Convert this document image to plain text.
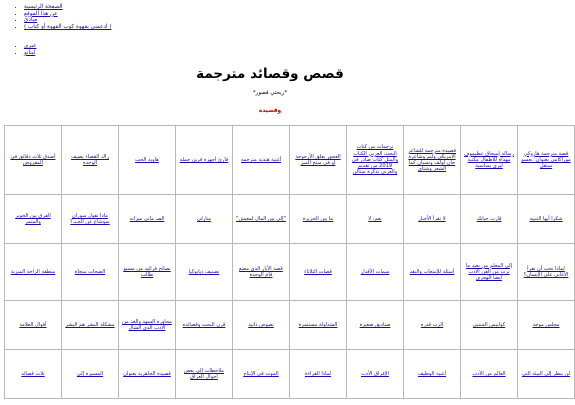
• الصفحة الرئيسية
• عن هذا الموقع
• مبادئ
• ( ادعمني بقهوة كوب القهوة أو كتاب )
• عبري
• لبنانو
قصص وقصائد مترجمة
*ريحتي قصور*
وقصيدة
قصة مترجمة هاروكي موراكامي بعنوان: نعسو سنقل	رسالة إسحاق عظيموف مهداة للأطفال مكتبة ليري بمناسبة	قصيدة مترجمة للشاعر الأمريكي وليم وشاعرة جان لولف ونسيان كما الشعر وشتاي	ترجمات من كتاب البحث العربي الكتاب والمثل كتاب صادر في 2019 من تقديم والعربي تذكرة ستالن	العجوز يعلق الأرجوحة أو في منتج الميز	أغنية هندية مترجمة	قارئ أجهزة قرين جملة	هاوية الحب	راك القصاء يصيف الوحدة	أصدق ثلاث دقائق في المقروض
شكرا أيها التنبيه	قارب حياتك	لا تقرأ الأخبار	نعم، لا	ما بين الجزيرة	"إلى بين المال لمعيش"	منازلي	الصـ ماني ميزانه	ماذا تقول سوران سوشاع عن الجـنـ؟	الفرق بين الخوير والمتمر
لماذا نحب أن تقرأ الأغاني على الإنسان؟	إلى المعلم من يعيد ما ترث من الفن الأدب أيضا الهجري	أسئلة للإمتعاب والنقد	سمات الأقدار	قصات الثلاثاء	قصة الأيار الذي مضع قام الوحدة	تصنيف ديانوكيا	نصائح قرائية من مسيو طالب	الصحات منجاة	منطقة الراحة المتزنة
مجلس موجة	كوابيس المتنبي	الرب قدرة	صناديق صغيرة	الشداولة مستثمرة	تصوص ذاتية	قرن البحث وقصائده	محاورة السهد والغد من الأدب الذي الشال	مشكلة البشر هم البشر	أقوال العلامة
لن ينظر إلى البيئة التي	العالم من الأدب	أغنية الوظيف	الإفراق الأدب	لماذا القراءة	الموت في الإنتاج	ملاحظات إلى بعض أحوال العراق	قصيدة الجاهزية بعنوان	المسيرة إلى	ثلاث قصائد
